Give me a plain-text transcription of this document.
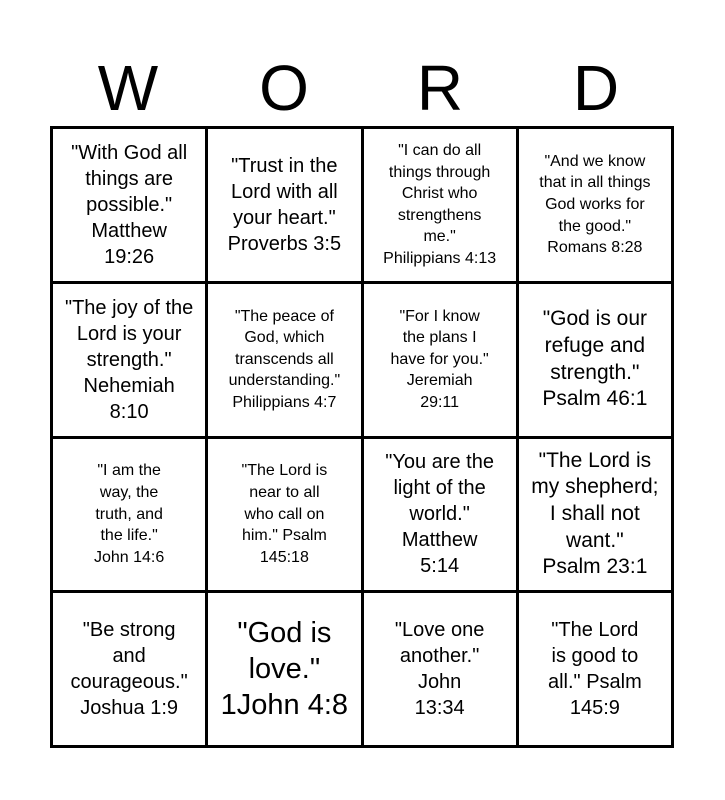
W	O	R	D
"With God all
things are
possible."
Matthew
19:26
"Trust in the
Lord with all
your heart."
Proverbs 3:5
"I can do all
things through
Christ who
strengthens
me."
Philippians 4:13
"And we know
that in all things
God works for
the good."
Romans 8:28
"The joy of the
Lord is your
strength."
Nehemiah
8:10
"The peace of
God, which
transcends all
understanding."
Philippians 4:7
"For I know
the plans I
have for you."
Jeremiah
29:11
"God is our
refuge and
strength."
Psalm 46:1
"I am the
way, the
truth, and
the life."
John 14:6
"The Lord is
near to all
who call on
him." Psalm
145:18
"You are the
light of the
world."
Matthew
5:14
"The Lord is
my shepherd;
I shall not
want."
Psalm 23:1
"Be strong
and
courageous."
Joshua 1:9
"God is
love."
1John 4:8
"Love one
another."
John
13:34
"The Lord
is good to
all." Psalm
145:9
